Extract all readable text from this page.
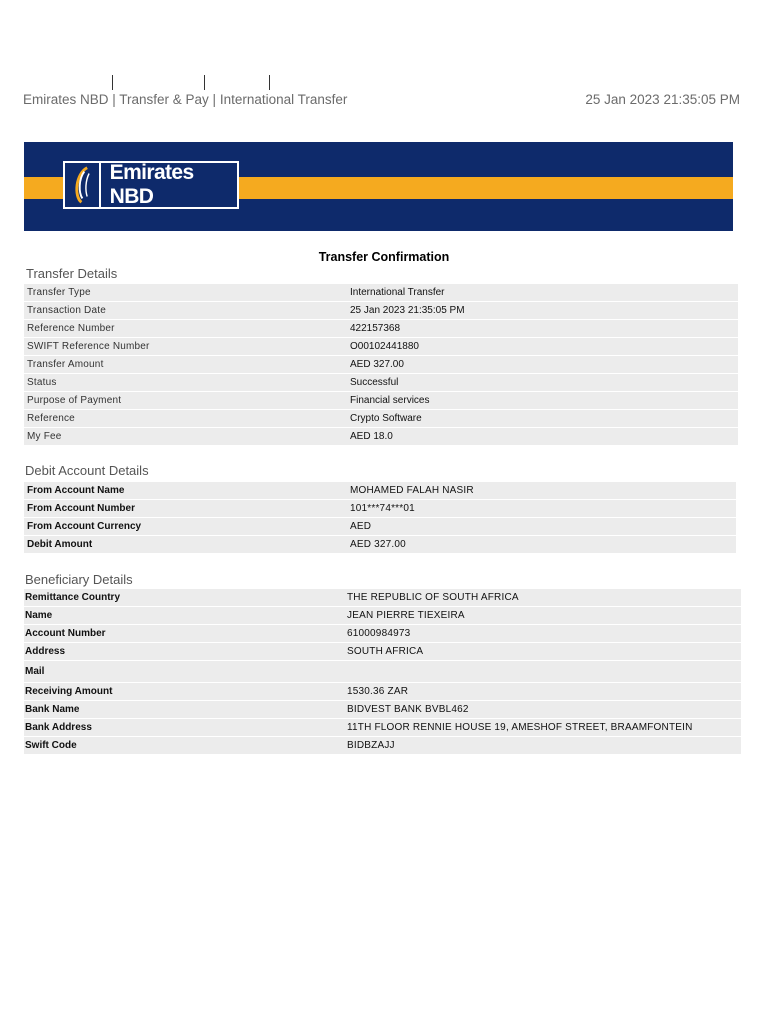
Emirates NBD | Transfer & Pay | International Transfer	25 Jan 2023 21:35:05 PM
Emirates NBD
Transfer Confirmation
Transfer Details
Transfer Type	International Transfer
Transaction Date	25 Jan 2023 21:35:05 PM
Reference Number	422157368
SWIFT Reference Number	O00102441880
Transfer Amount	AED 327.00
Status	Successful
Purpose of Payment	Financial services
Reference	Crypto Software
My Fee	AED 18.0
Debit Account Details
From Account Name	MOHAMED FALAH NASIR
From Account Number	101***74***01
From Account Currency	AED
Debit Amount	AED 327.00
Beneficiary Details
Remittance Country	THE REPUBLIC OF SOUTH AFRICA
Name	JEAN PIERRE TIEXEIRA
Account Number	61000984973
Address	SOUTH AFRICA
Mail
Receiving Amount	1530.36 ZAR
Bank Name	BIDVEST BANK BVBL462
Bank Address	11TH FLOOR RENNIE HOUSE 19, AMESHOF STREET, BRAAMFONTEIN
Swift Code	BIDBZAJJ
